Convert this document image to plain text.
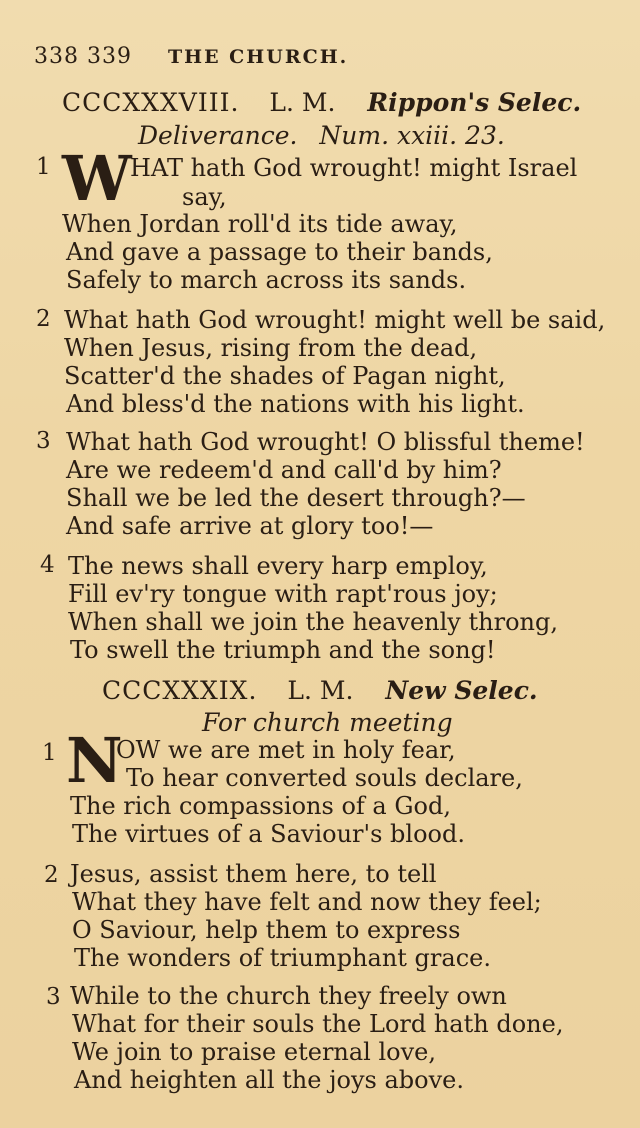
338 339 THE CHURCH.
CCCXXXVIII. L. M. Rippon's Selec.
Deliverance. Num. xxiii. 23.
1 W
HAT hath God wrought! might Israel
say,
When Jordan roll'd its tide away,
And gave a passage to their bands,
Safely to march across its sands.
2 What hath God wrought! might well be said,
When Jesus, rising from the dead,
Scatter'd the shades of Pagan night,
And bless'd the nations with his light.
3 What hath God wrought! O blissful theme!
Are we redeem'd and call'd by him?
Shall we be led the desert through?—
And safe arrive at glory too!—
4 The news shall every harp employ,
Fill ev'ry tongue with rapt'rous joy;
When shall we join the heavenly throng,
To swell the triumph and the song!
CCCXXXIX. L. M. New Selec.
For church meeting
1 N
OW we are met in holy fear,
To hear converted souls declare,
The rich compassions of a God,
The virtues of a Saviour's blood.
2 Jesus, assist them here, to tell
What they have felt and now they feel;
O Saviour, help them to express
The wonders of triumphant grace.
3 While to the church they freely own
What for their souls the Lord hath done,
We join to praise eternal love,
And heighten all the joys above.
